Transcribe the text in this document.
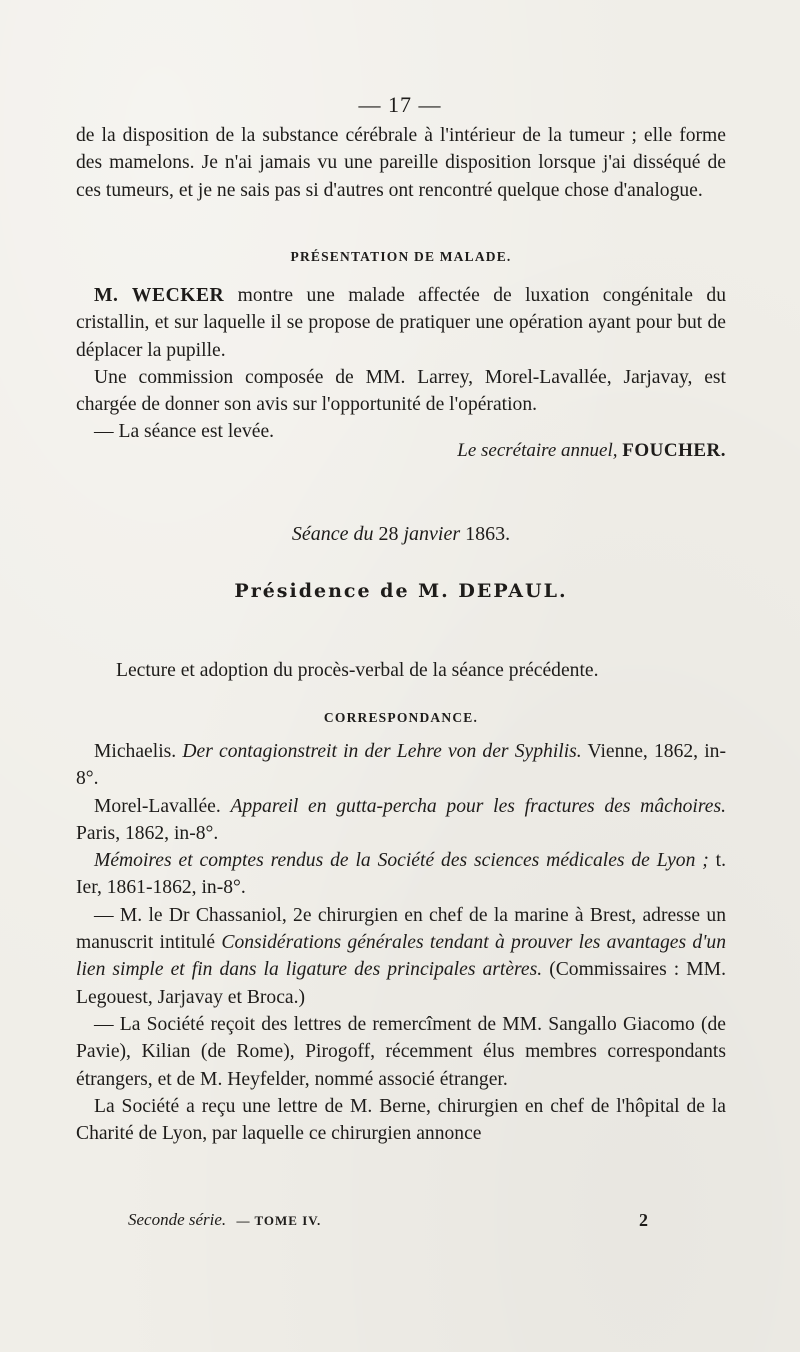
— 17 —

de la disposition de la substance cérébrale à l'intérieur de la tumeur ; elle forme des mamelons. Je n'ai jamais vu une pareille disposition lorsque j'ai disséqué de ces tumeurs, et je ne sais pas si d'autres ont rencontré quelque chose d'analogue.

PRÉSENTATION DE MALADE.

M. WECKER montre une malade affectée de luxation congénitale du cristallin, et sur laquelle il se propose de pratiquer une opération ayant pour but de déplacer la pupille.

Une commission composée de MM. Larrey, Morel-Lavallée, Jarjavay, est chargée de donner son avis sur l'opportunité de l'opération.

— La séance est levée.

Le secrétaire annuel, FOUCHER.
Séance du 28 janvier 1863.
Présidence de M. DEPAUL.

Lecture et adoption du procès-verbal de la séance précédente.

CORRESPONDANCE.

Michaelis. Der contagionstreit in der Lehre von der Syphilis. Vienne, 1862, in-8°.

Morel-Lavallée. Appareil en gutta-percha pour les fractures des mâchoires. Paris, 1862, in-8°.

Mémoires et comptes rendus de la Société des sciences médicales de Lyon ; t. Ier, 1861-1862, in-8°.

— M. le Dr Chassaniol, 2e chirurgien en chef de la marine à Brest, adresse un manuscrit intitulé Considérations générales tendant à prouver les avantages d'un lien simple et fin dans la ligature des principales artères. (Commissaires : MM. Legouest, Jarjavay et Broca.)

— La Société reçoit des lettres de remercîment de MM. Sangallo Giacomo (de Pavie), Kilian (de Rome), Pirogoff, récemment élus membres correspondants étrangers, et de M. Heyfelder, nommé associé étranger.

La Société a reçu une lettre de M. Berne, chirurgien en chef de l'hôpital de la Charité de Lyon, par laquelle ce chirurgien annonce

Seconde série. — TOME IV.	2
